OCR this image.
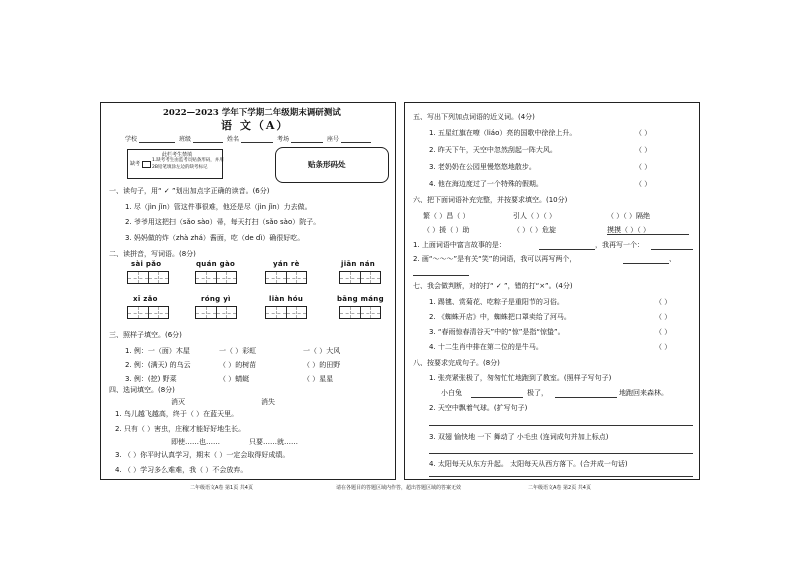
2022—2023 学年下学期二年级期末调研测试
语 文（A）
学校	班级	姓名	考场	座号
此栏考生禁填
缺考
1.缺考考生由监考员贴条形码，并用
2B铅笔填涂左边的缺考标记	贴条形码处
一、读句子，用“ ✓ ”划出加点字正确的读音。(6分)
1. 尽（jìn jǐn）管这件事很难，他还是尽（jìn jǐn）力去做。
2. 爷爷用这把扫（sǎo sào）帚，每天打扫（sǎo sào）院子。
3. 妈妈做的炸（zhà zhá）酱面，吃（de dì）确很好吃。
二、读拼音，写词语。(8分)
sài pǎo	quán gào	yán rè	jiān nán
xī zǎo	róng yì	liàn hóu	bāng máng
三、照样子填空。(6分)
1. 例：一（面）木屋	一（ ）彩虹	一（ ）大风
2. 例：(满天) 的乌云	（ ）的树苗	（ ）的田野
3. 例：(挖) 野菜	（ ）蜻蜓	（ ）星星
四、选词填空。(8分)
消灭	消失
1. 鸟儿越飞越高，终于（ ）在蓝天里。
2. 只有（ ）害虫，庄稼才能好好地生长。
即使……也……	只要……就……
3. （ ）你平时认真学习，期末（ ）一定会取得好成绩。
4. （ ）学习多么难难，我（ ）不会放弃。
五、写出下列加点词语的近义词。(4分)
1. 五星红旗在嘹（liáo）亮的国歌中徐徐上升。	（ ）
2. 昨天下午，天空中忽然刮起一阵大风。	（ ）
3. 老奶奶在公园里慢悠悠地散步。	（ ）
4. 他在海边度过了一个特殊的假期。	（ ）
六、把下面词语补充完整，并按要求填空。(10分)
繁（ ）昌（ ）	引人（ ）（ ）	（ ）（ ）隔绝
（ ）援（ ）助	（ ）（ ）危旋	摸摸（ ）（ ）
1. 上面词语中富言故事的是：	，我再写一个：
2. 画“～～～”是有关“笑”的词语，我可以再写两个，	、
七、我会做判断，对的打“ ✓ ”，错的打“×”。(4分)
1. 踢毽、赏菊花、吃粽子是重阳节的习俗。	（ ）
2. 《蜘蛛开店》中，蜘蛛把口罩卖给了河马。	（ ）
3. “春雨惊春清谷天”中的“惊”是指“惊蛰”。	（ ）
4. 十二生肖中排在第二位的是牛马。	（ ）
八、按要求完成句子。(8分)
1. 张亮紧张极了，匆匆忙忙地跑到了教室。(照样子写句子)
小白兔	极了，	地跑回来森林。
2. 天空中飘着气球。(扩写句子)
3. 双翅 愉快地 一下 舞动了 小毛虫 (连词成句并加上标点)
4. 太阳每天从东方升起。 太阳每天从西方落下。(合并成一句话)
二年级语文A卷 第1页 共4页	请在各题目的答题区域内作答，超出答题区域的答案无效	二年级语文A卷 第2页 共4页
